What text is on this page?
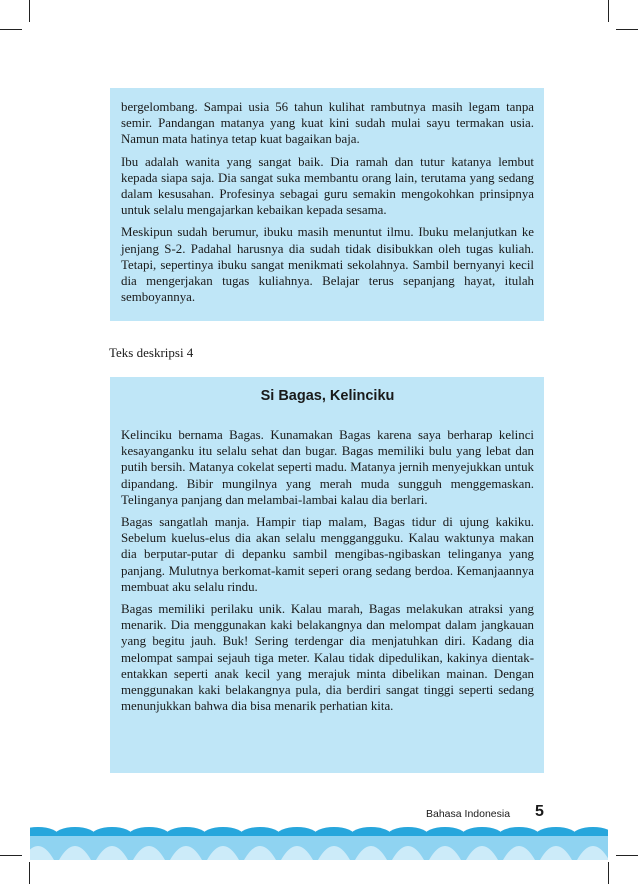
bergelombang. Sampai usia 56 tahun kulihat rambutnya masih legam tanpa semir. Pandangan matanya yang kuat kini sudah mulai sayu termakan usia. Namun mata hatinya tetap kuat bagaikan baja.

Ibu adalah wanita yang sangat baik. Dia ramah dan tutur katanya lembut kepada siapa saja. Dia sangat suka membantu orang lain, terutama yang sedang dalam kesusahan. Profesinya sebagai guru semakin mengokohkan prinsipnya untuk selalu mengajarkan kebaikan kepada sesama.

Meskipun sudah berumur, ibuku masih menuntut ilmu. Ibuku melanjutkan ke jenjang S-2. Padahal harusnya dia sudah tidak disibukkan oleh tugas kuliah. Tetapi, sepertinya ibuku sangat menikmati sekolahnya. Sambil bernyanyi kecil dia mengerjakan tugas kuliahnya. Belajar terus sepanjang hayat, itulah semboyannya.

Teks deskripsi 4

Si Bagas, Kelinciku

Kelinciku bernama Bagas. Kunamakan Bagas karena saya berharap kelinci kesayanganku itu selalu sehat dan bugar. Bagas memiliki bulu yang lebat dan putih bersih. Matanya cokelat seperti madu. Matanya jernih menyejukkan untuk dipandang. Bibir mungilnya yang merah muda sungguh menggemaskan. Telinganya panjang dan melambai-lambai kalau dia berlari.

Bagas sangatlah manja. Hampir tiap malam, Bagas tidur di ujung kakiku. Sebelum kuelus-elus dia akan selalu menggangguku. Kalau waktunya makan dia berputar-putar di depanku sambil mengibas-ngibaskan telinganya yang panjang. Mulutnya berkomat-kamit seperi orang sedang berdoa. Kemanjaannya membuat aku selalu rindu.

Bagas memiliki perilaku unik. Kalau marah, Bagas melakukan atraksi yang menarik. Dia menggunakan kaki belakangnya dan melompat dalam jangkauan yang begitu jauh. Buk! Sering terdengar dia menjatuhkan diri. Kadang dia melompat sampai sejauh tiga meter. Kalau tidak dipedulikan, kakinya dientak-entakkan seperti anak kecil yang merajuk minta dibelikan mainan. Dengan menggunakan kaki belakangnya pula, dia berdiri sangat tinggi seperti sedang menunjukkan bahwa dia bisa menarik perhatian kita.

Bahasa Indonesia 5
